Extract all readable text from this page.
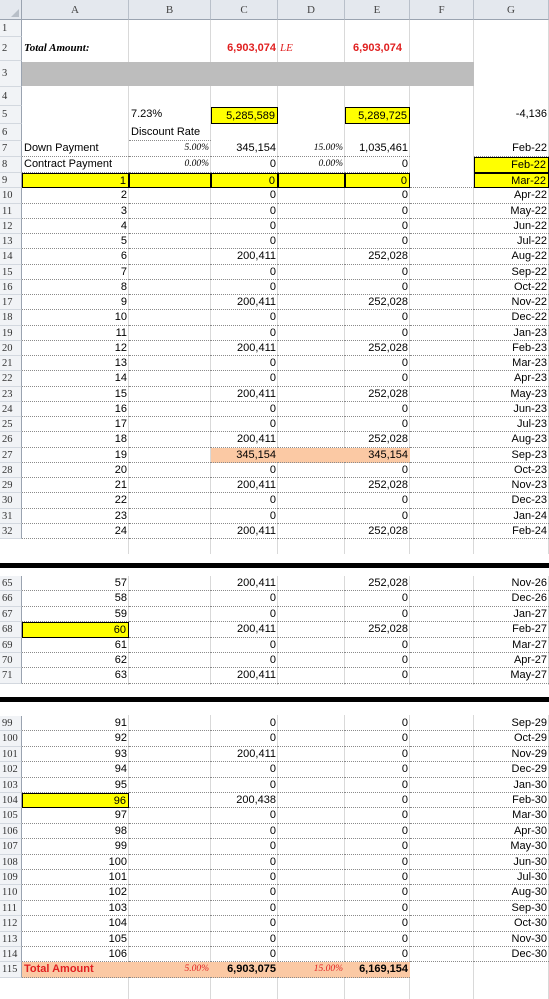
A	B	C	D	E	F	G
1
2	Total Amount:	6,903,074 LE	6,903,074
3
4
5	7.23%	5,285,589	5,289,725	-4,136
6	Discount Rate
7	Down Payment	5.00%	345,154	15.00%	1,035,461	Feb-22
8	Contract Payment	0.00%	0	0.00%	0	Feb-22
9	1	0	0	Mar-22
10	2	0	0	Apr-22
11	3	0	0	May-22
12	4	0	0	Jun-22
13	5	0	0	Jul-22
14	6	200,411	252,028	Aug-22
15	7	0	0	Sep-22
16	8	0	0	Oct-22
17	9	200,411	252,028	Nov-22
18	10	0	0	Dec-22
19	11	0	0	Jan-23
20	12	200,411	252,028	Feb-23
21	13	0	0	Mar-23
22	14	0	0	Apr-23
23	15	200,411	252,028	May-23
24	16	0	0	Jun-23
25	17	0	0	Jul-23
26	18	200,411	252,028	Aug-23
27	19	345,154	345,154	Sep-23
28	20	0	0	Oct-23
29	21	200,411	252,028	Nov-23
30	22	0	0	Dec-23
31	23	0	0	Jan-24
32	24	200,411	252,028	Feb-24
65	57	200,411	252,028	Nov-26
66	58	0	0	Dec-26
67	59	0	0	Jan-27
68	60	200,411	252,028	Feb-27
69	61	0	0	Mar-27
70	62	0	0	Apr-27
71	63	200,411	0	May-27
99	91	0	0	Sep-29
100	92	0	0	Oct-29
101	93	200,411	0	Nov-29
102	94	0	0	Dec-29
103	95	0	0	Jan-30
104	96	200,438	0	Feb-30
105	97	0	0	Mar-30
106	98	0	0	Apr-30
107	99	0	0	May-30
108	100	0	0	Jun-30
109	101	0	0	Jul-30
110	102	0	0	Aug-30
111	103	0	0	Sep-30
112	104	0	0	Oct-30
113	105	0	0	Nov-30
114	106	0	0	Dec-30
115 Total Amount	5.00%	6,903,075	15.00%	6,169,154
